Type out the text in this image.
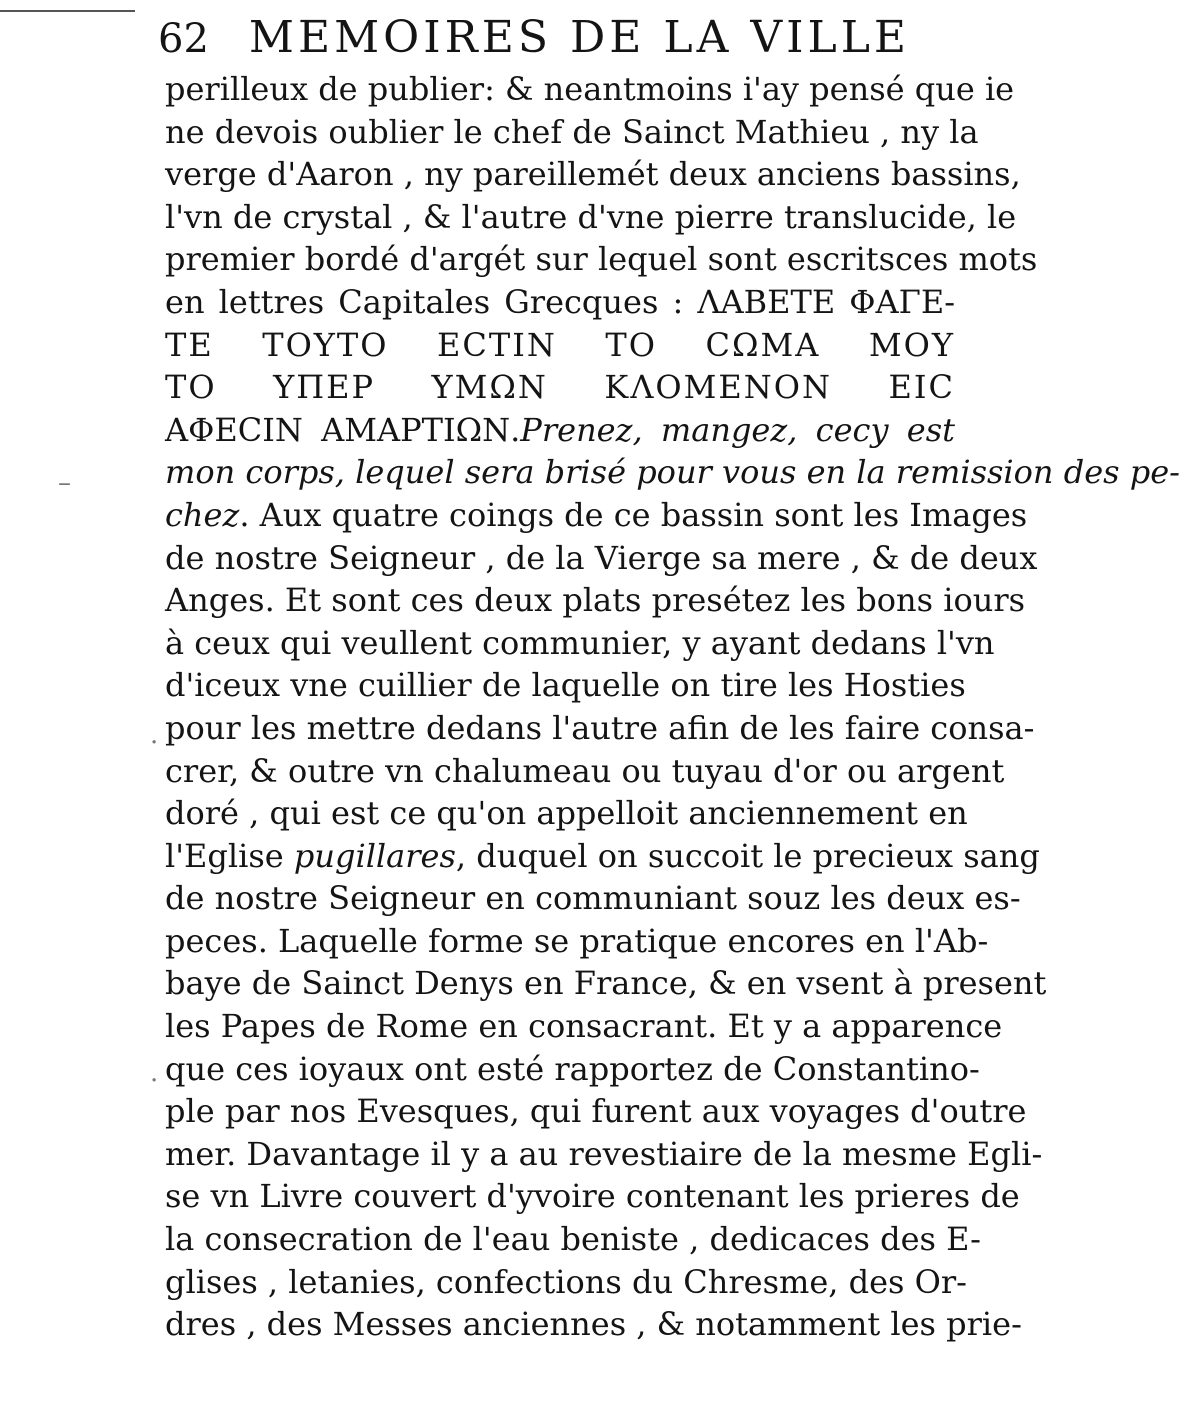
62 MEMOIRES DE LA VILLE
perilleux de publier: & neantmoins i'ay pensé que ie
ne devois oublier le chef de Sainct Mathieu , ny la
verge d'Aaron , ny pareillemét deux anciens bassins,
l'vn de crystal , & l'autre d'vne pierre translucide, le
premier bordé d'argét sur lequel sont escritsces mots
en lettres Capitales Grecques : ΛΑΒΕΤΕ ΦΑΓΕ-
ΤΕ ΤΟΥΤΟ ΕCΤΙΝ ΤΟ CΩΜΑ ΜΟΥ
ΤΟ ΥΠΕΡ ΥΜΩΝ ΚΛΟΜΕΝΟΝ ΕΙC
ΑΦΕCΙΝ ΑΜΑΡΤΙΩΝ.Prenez, mangez, cecy est
mon corps, lequel sera brisé pour vous en la remission des pe-
chez. Aux quatre coings de ce bassin sont les Images
de nostre Seigneur , de la Vierge sa mere , & de deux
Anges. Et sont ces deux plats presétez les bons iours
à ceux qui veullent communier, y ayant dedans l'vn
d'iceux vne cuillier de laquelle on tire les Hosties
pour les mettre dedans l'autre afin de les faire consa-
crer, & outre vn chalumeau ou tuyau d'or ou argent
doré , qui est ce qu'on appelloit anciennement en
l'Eglise pugillares, duquel on succoit le precieux sang
de nostre Seigneur en communiant souz les deux es-
peces. Laquelle forme se pratique encores en l'Ab-
baye de Sainct Denys en France, & en vsent à present
les Papes de Rome en consacrant. Et y a apparence
que ces ioyaux ont esté rapportez de Constantino-
ple par nos Evesques, qui furent aux voyages d'outre
mer. Davantage il y a au revestiaire de la mesme Egli-
se vn Livre couvert d'yvoire contenant les prieres de
la consecration de l'eau beniste , dedicaces des E-
glises , letanies, confections du Chresme, des Or-
dres , des Messes anciennes , & notamment les prie-
–
·
·
